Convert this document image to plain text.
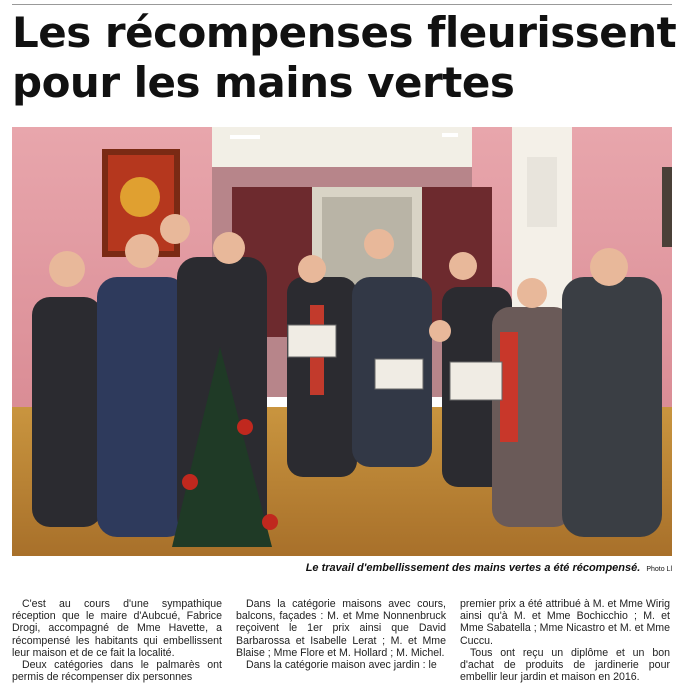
Les récompenses fleurissent pour les mains vertes
Le travail d'embellissement des mains vertes a été récompensé. Photo Ll

C'est au cours d'une sympathique réception que le maire d'Aubcué, Fabrice Drogi, accompagné de Mme Havette, a récompensé les habitants qui embellissent leur maison et de ce fait la localité.

Deux catégories dans le palmarès ont permis de récompenser dix personnes

Dans la catégorie maisons avec cours, balcons, façades : M. et Mme Nonnenbruck reçoivent le 1er prix ainsi que David Barbarossa et Isabelle Lerat ; M. et Mme Blaise ; Mme Flore et M. Hollard ; M. Michel.

Dans la catégorie maison avec jardin : le

premier prix a été attribué à M. et Mme Wirig ainsi qu'à M. et Mme Bochicchio ; M. et Mme Sabatella ; Mme Nicastro et M. et Mme Cuccu.

Tous ont reçu un diplôme et un bon d'achat de produits de jardinerie pour embellir leur jardin et maison en 2016.
